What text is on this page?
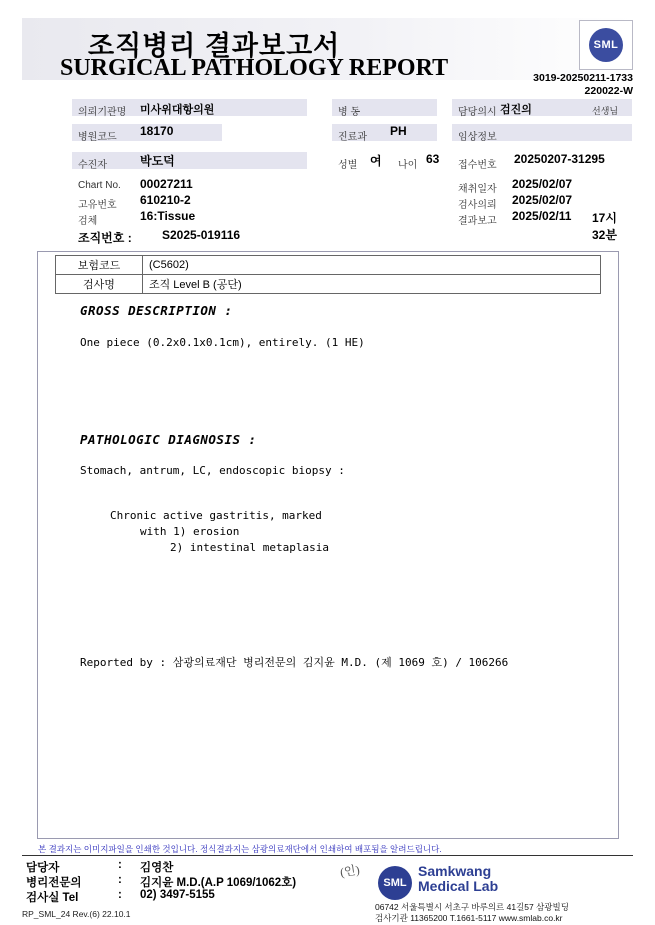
조직병리 결과보고서
SURGICAL PATHOLOGY REPORT
SML
3019-20250211-1733
220022-W
의뢰기관명 미사위대항의원	병 동	담당의시 검진의	선생님
병원코드 18170	진료과 PH	임상정보
수진자	박도덕	성별 여 나이 63 접수번호 20250207-31295
Chart No. 00027211	채취일자 2025/02/07
고유번호 610210-2	검사의뢰 2025/02/07
검체	16:Tissue	결과보고 2025/02/11 17시 32분
조직번호 :	S2025-019116
보험코드	(C5602)
검사명	조직 Level B (공단)
GROSS DESCRIPTION :
One piece (0.2x0.1x0.1cm), entirely. (1 HE)
PATHOLOGIC DIAGNOSIS :
Stomach, antrum, LC, endoscopic biopsy :
Chronic active gastritis, marked
with 1) erosion
2) intestinal metaplasia
Reported by : 삼광의료재단 병리전문의 김지윤 M.D. (제 1069 호) / 106266
본 결과지는 이미지파일을 인쇄한 것입니다. 정식결과지는 삼광의료재단에서 인쇄하여 배포됨을 알려드립니다.
담당자	: 김영찬
병리전문의	: 김지윤 M.D.(A.P 1069/1062호)
검사실 Tel	: 02) 3497-5155
(인)
SML
Samkwang
Medical Lab
06742 서울특별시 서초구 바루의르 41길57 삼광빌딩
검사기관 11365200 T.1661-5117 www.smlab.co.kr
RP_SML_24 Rev.(6) 22.10.1
